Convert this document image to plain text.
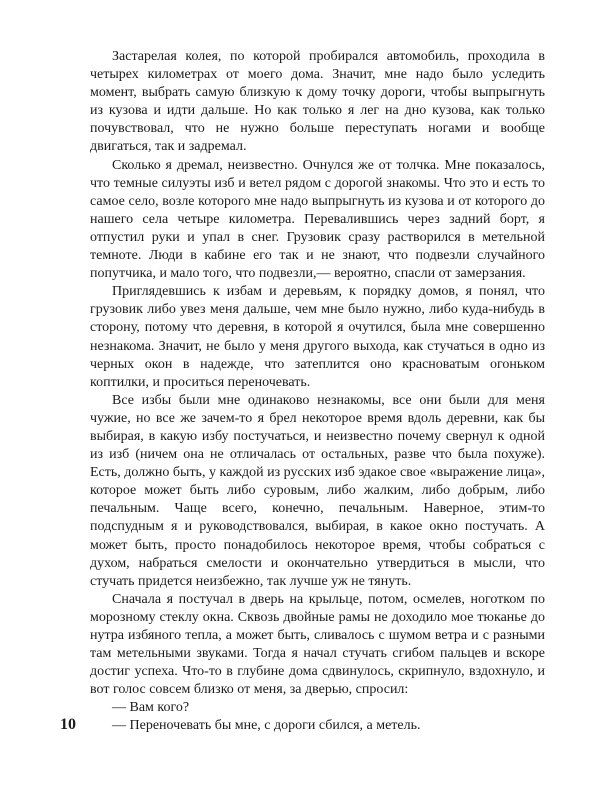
Застарелая колея, по которой пробирался автомобиль, проходила в четырех километрах от моего дома. Значит, мне надо было уследить момент, выбрать самую близкую к дому точку дороги, чтобы выпрыгнуть из кузова и идти дальше. Но как только я лег на дно кузова, как только почувствовал, что не нужно больше переступать ногами и вообще двигаться, так и задремал.

Сколько я дремал, неизвестно. Очнулся же от толчка. Мне показалось, что темные силуэты изб и ветел рядом с дорогой знакомы. Что это и есть то самое село, возле которого мне надо выпрыгнуть из кузова и от которого до нашего села четыре километра. Перевалившись через задний борт, я отпустил руки и упал в снег. Грузовик сразу растворился в метельной темноте. Люди в кабине его так и не знают, что подвезли случайного попутчика, и мало того, что подвезли,— вероятно, спасли от замерзания.

Приглядевшись к избам и деревьям, к порядку домов, я понял, что грузовик либо увез меня дальше, чем мне было нужно, либо куда-нибудь в сторону, потому что деревня, в которой я очутился, была мне совершенно незнакома. Значит, не было у меня другого выхода, как стучаться в одно из черных окон в надежде, что затеплится оно красноватым огоньком коптилки, и проситься переночевать.

Все избы были мне одинаково незнакомы, все они были для меня чужие, но все же зачем-то я брел некоторое время вдоль деревни, как бы выбирая, в какую избу постучаться, и неизвестно почему свернул к одной из изб (ничем она не отличалась от остальных, разве что была похуже). Есть, должно быть, у каждой из русских изб эдакое свое «выражение лица», которое может быть либо суровым, либо жалким, либо добрым, либо печальным. Чаще всего, конечно, печальным. Наверное, этим-то подспудным я и руководствовался, выбирая, в какое окно постучать. А может быть, просто понадобилось некоторое время, чтобы собраться с духом, набраться смелости и окончательно утвердиться в мысли, что стучать придется неизбежно, так лучше уж не тянуть.

Сначала я постучал в дверь на крыльце, потом, осмелев, ноготком по морозному стеклу окна. Сквозь двойные рамы не доходило мое тюканье до нутра избяного тепла, а может быть, сливалось с шумом ветра и с разными там метельными звуками. Тогда я начал стучать сгибом пальцев и вскоре достиг успеха. Что-то в глубине дома сдвинулось, скрипнуло, вздохнуло, и вот голос совсем близко от меня, за дверью, спросил:

— Вам кого?

— Переночевать бы мне, с дороги сбился, а метель.

10
